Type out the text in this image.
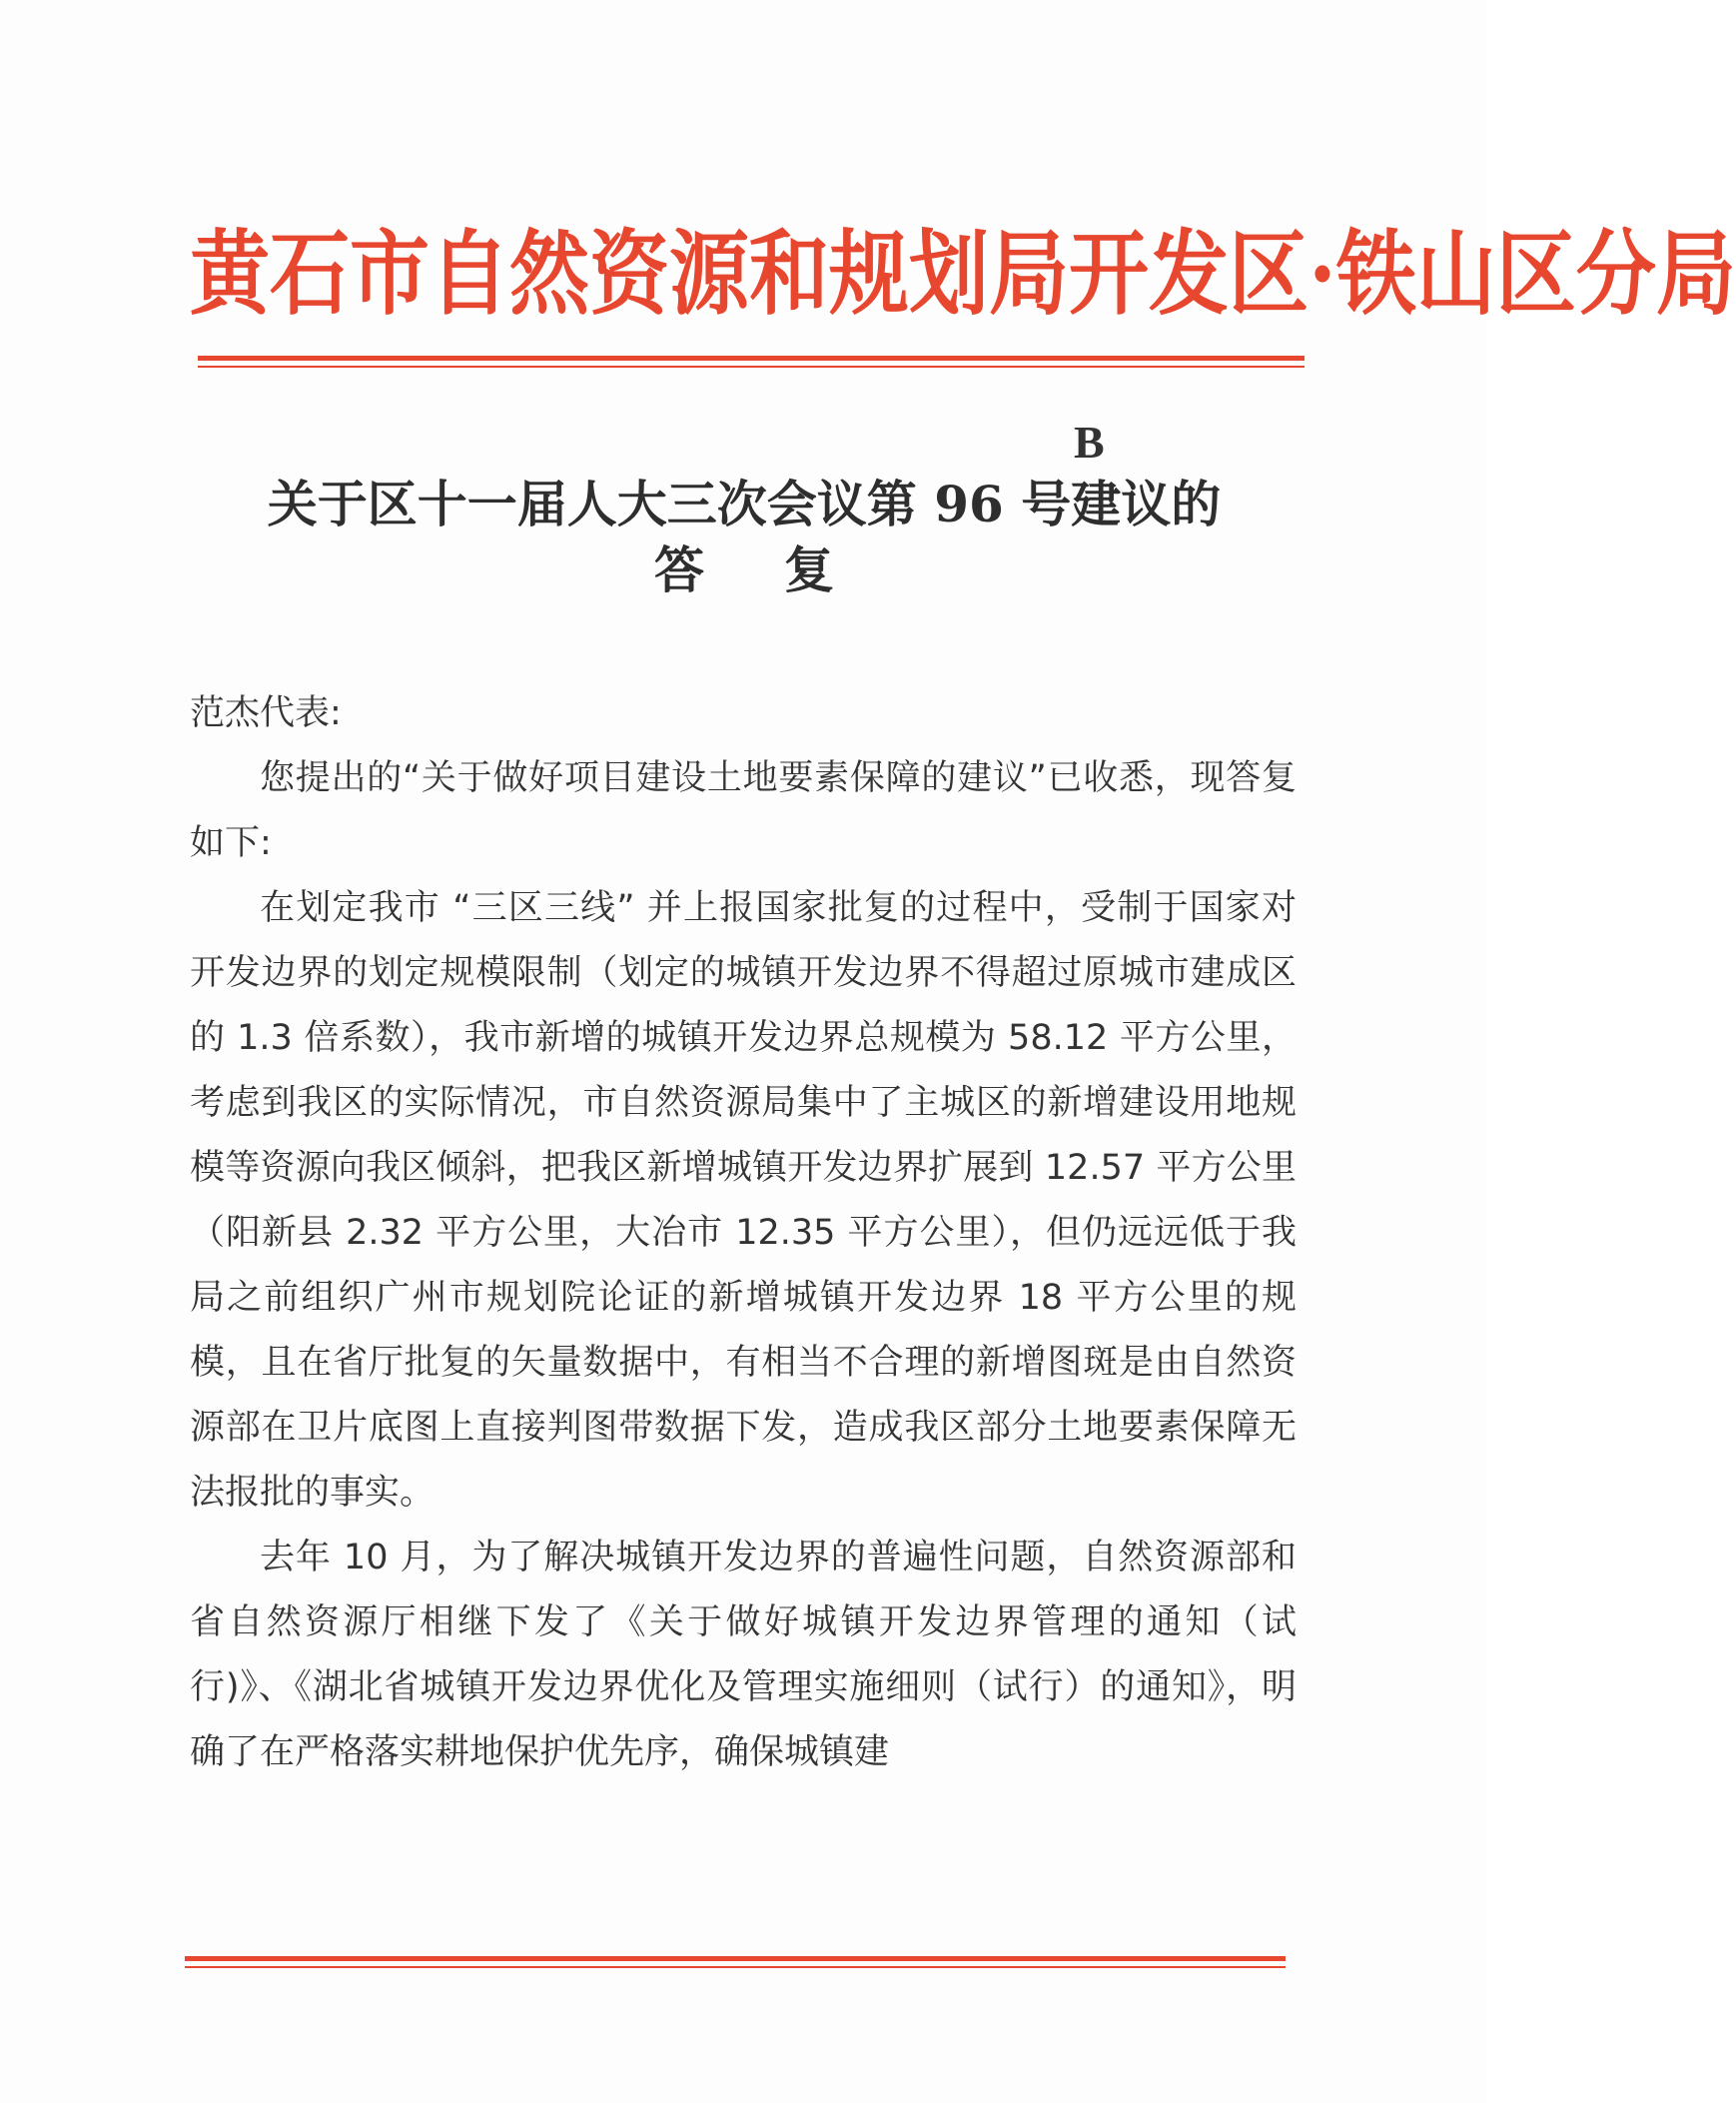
黄石市自然资源和规划局开发区·铁山区分局
B
关于区十一届人大三次会议第 96 号建议的
答复

范杰代表:

您提出的“关于做好项目建设土地要素保障的建议”已收悉，现答复如下:

在划定我市 “三区三线” 并上报国家批复的过程中，受制于国家对开发边界的划定规模限制（划定的城镇开发边界不得超过原城市建成区的 1.3 倍系数），我市新增的城镇开发边界总规模为 58.12 平方公里，考虑到我区的实际情况，市自然资源局集中了主城区的新增建设用地规模等资源向我区倾斜，把我区新增城镇开发边界扩展到 12.57 平方公里（阳新县 2.32 平方公里，大冶市 12.35 平方公里），但仍远远低于我局之前组织广州市规划院论证的新增城镇开发边界 18 平方公里的规模，且在省厅批复的矢量数据中，有相当不合理的新增图斑是由自然资源部在卫片底图上直接判图带数据下发，造成我区部分土地要素保障无法报批的事实。

去年 10 月，为了解决城镇开发边界的普遍性问题，自然资源部和省自然资源厅相继下发了《关于做好城镇开发边界管理的通知（试行)》、《湖北省城镇开发边界优化及管理实施细则（试行）的通知》，明确了在严格落实耕地保护优先序，确保城镇建
